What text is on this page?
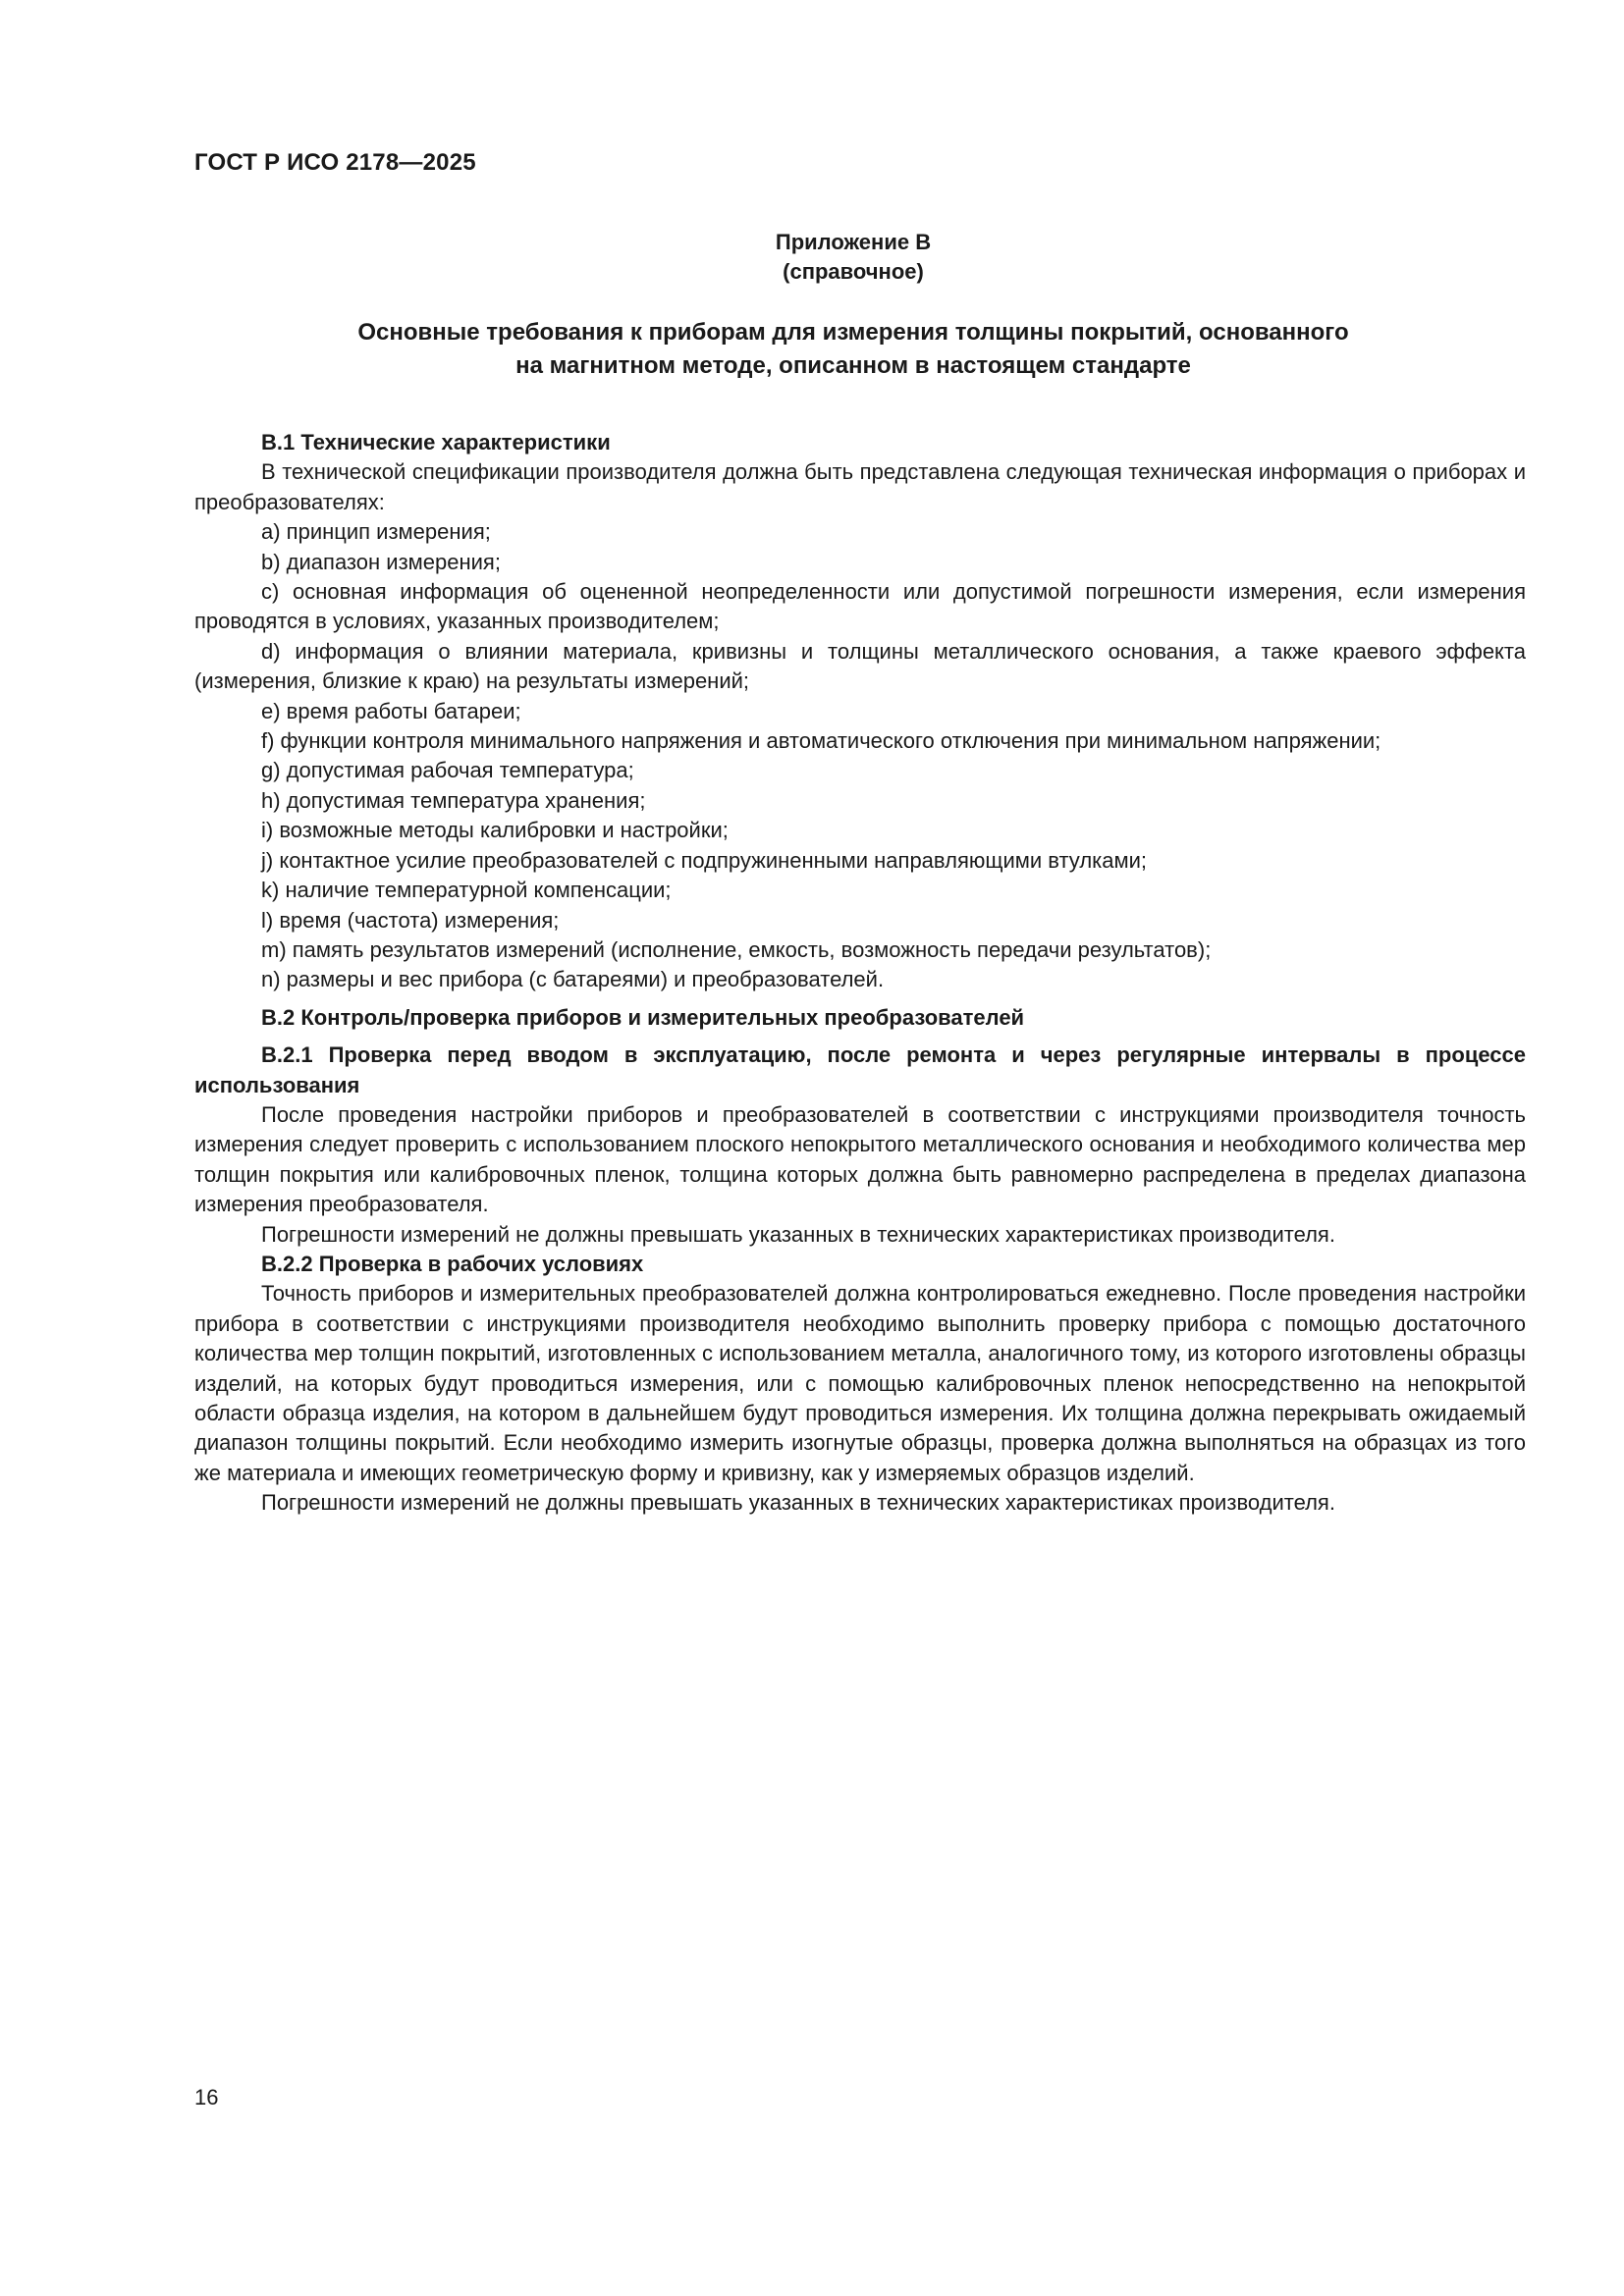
ГОСТ Р ИСО 2178—2025
Приложение В
(справочное)
Основные требования к приборам для измерения толщины покрытий, основанного
на магнитном методе, описанном в настоящем стандарте

В.1 Технические характеристики

В технической спецификации производителя должна быть представлена следующая техническая информация о приборах и преобразователях:

а) принцип измерения;

b) диапазон измерения;

с) основная информация об оцененной неопределенности или допустимой погрешности измерения, если измерения проводятся в условиях, указанных производителем;

d) информация о влиянии материала, кривизны и толщины металлического основания, а также краевого эффекта (измерения, близкие к краю) на результаты измерений;

е) время работы батареи;

f) функции контроля минимального напряжения и автоматического отключения при минимальном напряжении;

g) допустимая рабочая температура;

h) допустимая температура хранения;

i) возможные методы калибровки и настройки;

j) контактное усилие преобразователей с подпружиненными направляющими втулками;

k) наличие температурной компенсации;

l) время (частота) измерения;

m) память результатов измерений (исполнение, емкость, возможность передачи результатов);

n) размеры и вес прибора (с батареями) и преобразователей.

В.2 Контроль/проверка приборов и измерительных преобразователей

В.2.1 Проверка перед вводом в эксплуатацию, после ремонта и через регулярные интервалы в процессе использования

После проведения настройки приборов и преобразователей в соответствии с инструкциями производителя точность измерения следует проверить с использованием плоского непокрытого металлического основания и необходимого количества мер толщин покрытия или калибровочных пленок, толщина которых должна быть равномерно распределена в пределах диапазона измерения преобразователя.

Погрешности измерений не должны превышать указанных в технических характеристиках производителя.

В.2.2 Проверка в рабочих условиях

Точность приборов и измерительных преобразователей должна контролироваться ежедневно. После проведения настройки прибора в соответствии с инструкциями производителя необходимо выполнить проверку прибора с помощью достаточного количества мер толщин покрытий, изготовленных с использованием металла, аналогичного тому, из которого изготовлены образцы изделий, на которых будут проводиться измерения, или с помощью калибровочных пленок непосредственно на непокрытой области образца изделия, на котором в дальнейшем будут проводиться измерения. Их толщина должна перекрывать ожидаемый диапазон толщины покрытий. Если необходимо измерить изогнутые образцы, проверка должна выполняться на образцах из того же материала и имеющих геометрическую форму и кривизну, как у измеряемых образцов изделий.

Погрешности измерений не должны превышать указанных в технических характеристиках производителя.

16
